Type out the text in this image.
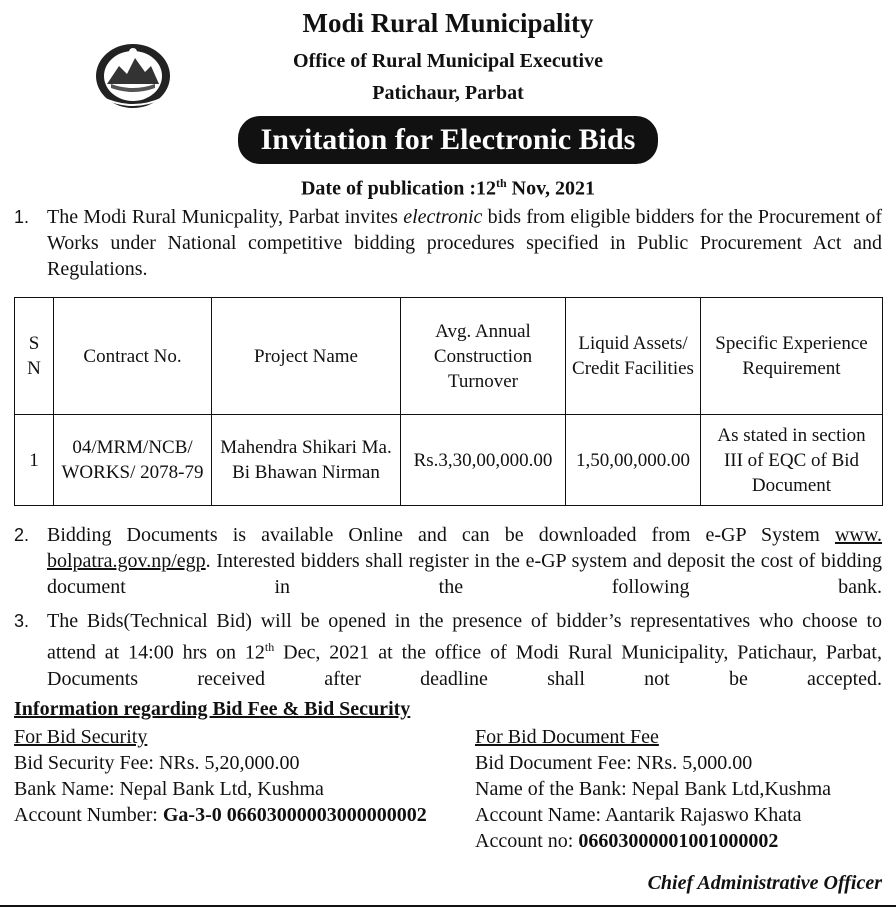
Modi Rural Municipality
Office of Rural Municipal Executive
Patichaur, Parbat
Invitation for Electronic Bids
Date of publication :12th Nov, 2021
1. The Modi Rural Municpality, Parbat invites electronic bids from eligible bidders for the Procurement of Works under National competitive bidding procedures specified in Public Procurement Act and Regulations.
S N	Contract No.	Project Name	Avg. Annual Construction Turnover	Liquid Assets/ Credit Facilities	Specific Experience Requirement
1	04/MRM/NCB/ WORKS/ 2078-79	Mahendra Shikari Ma. Bi Bhawan Nirman	Rs.3,30,00,000.00	1,50,00,000.00	As stated in section III of EQC of Bid Document
2. Bidding Documents is available Online and can be downloaded from e-GP System www. bolpatra.gov.np/egp. Interested bidders shall register in the e-GP system and deposit the cost of bidding document in the following bank.
3. The Bids(Technical Bid) will be opened in the presence of bidder’s representatives who choose to attend at 14:00 hrs on 12th Dec, 2021 at the office of Modi Rural Municipality, Patichaur, Parbat, Documents received after deadline shall not be accepted.
Information regarding Bid Fee & Bid Security
For Bid Security
Bid Security Fee: NRs. 5,20,000.00
Bank Name: Nepal Bank Ltd, Kushma
Account Number: Ga-3-0 06603000003000000002
For Bid Document Fee
Bid Document Fee: NRs. 5,000.00
Name of the Bank: Nepal Bank Ltd,Kushma
Account Name: Aantarik Rajaswo Khata
Account no: 06603000001001000002
Chief Administrative Officer
